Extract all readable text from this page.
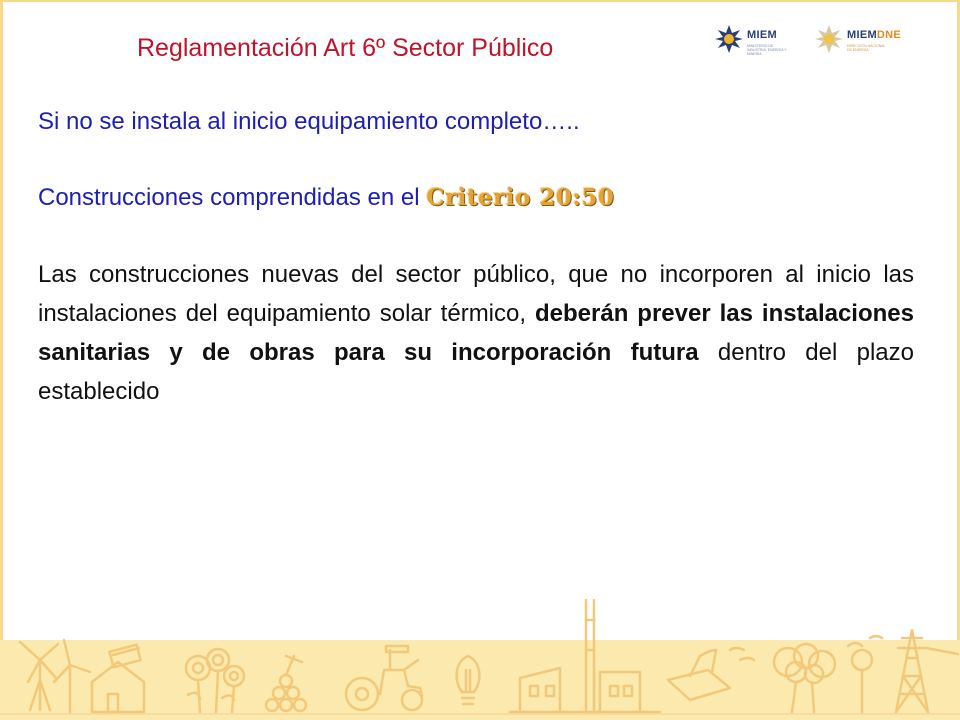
MIEM
MINISTERIO DE INDUSTRIA, ENERGÍA Y MINERÍA
MIEMDNE
DIRECCIÓN NACIONAL DE ENERGÍA
Reglamentación Art 6º Sector Público
Si no se instala al inicio equipamiento completo…..
Construcciones comprendidas en el Criterio 20:50
Las construcciones nuevas del sector público, que no incorporen al inicio las instalaciones del equipamiento solar térmico, deberán prever las instalaciones sanitarias y de obras para su incorporación futura dentro del plazo establecido
